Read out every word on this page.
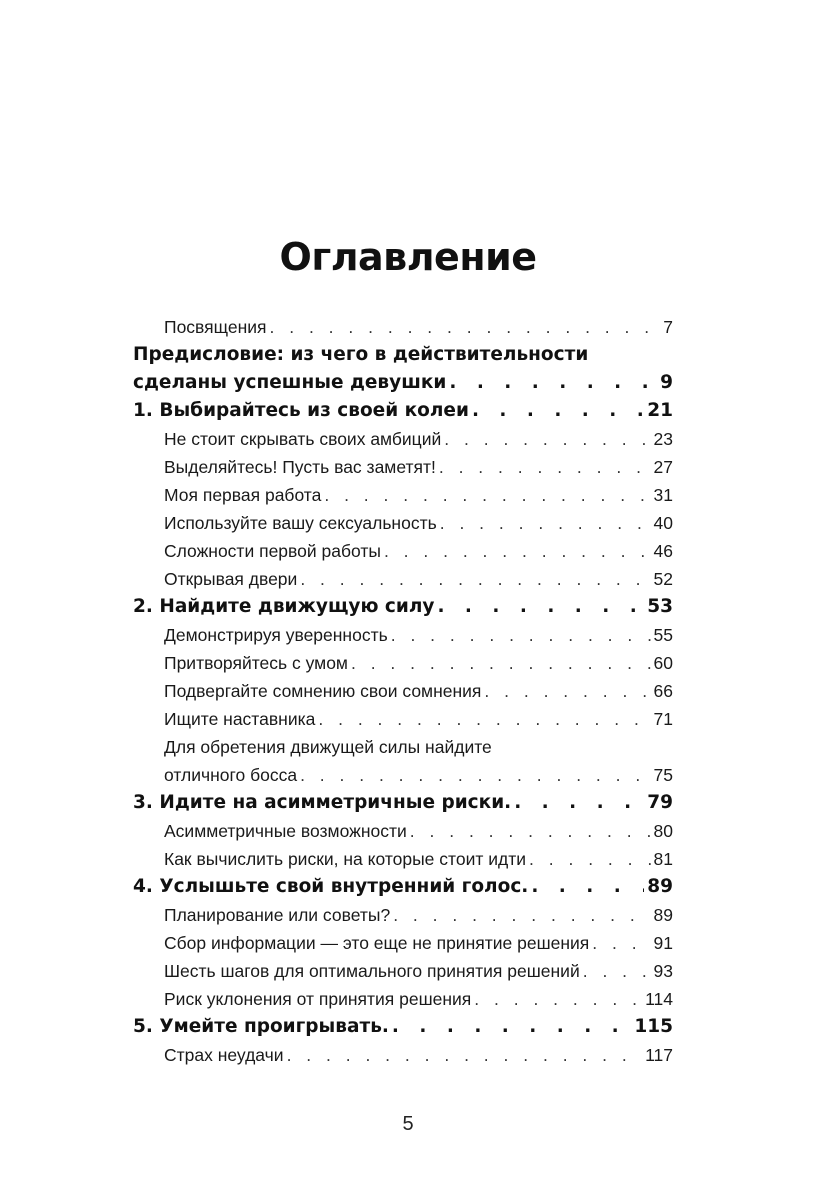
Оглавление
Посвящения . . .	7
Предисловие: из чего в действительности
сделаны успешные девушки . . .	9
1. Выбирайтесь из своей колеи . . .	21
Не стоит скрывать своих амбиций . . .	23
Выделяйтесь! Пусть вас заметят! . . .	27
Моя первая работа . . .	31
Используйте вашу сексуальность . . .	40
Сложности первой работы . . .	46
Открывая двери . . .	52
2. Найдите движущую силу . . .	53
Демонстрируя уверенность . . .	55
Притворяйтесь с умом . . .	60
Подвергайте сомнению свои сомнения . . .	66
Ищите наставника . . .	71
Для обретения движущей силы найдите
отличного босса . . .	75
3. Идите на асимметричные риски. . . .	79
Асимметричные возможности . . .	80
Как вычислить риски, на которые стоит идти . . .	81
4. Услышьте свой внутренний голос. . . .	89
Планирование или советы? . . .	89
Сбор информации — это еще не принятие решения . . .	91
Шесть шагов для оптимального принятия решений . . .	93
Риск уклонения от принятия решения . . .	114
5. Умейте проигрывать. . . .	115
Страх неудачи . . .	117
5
